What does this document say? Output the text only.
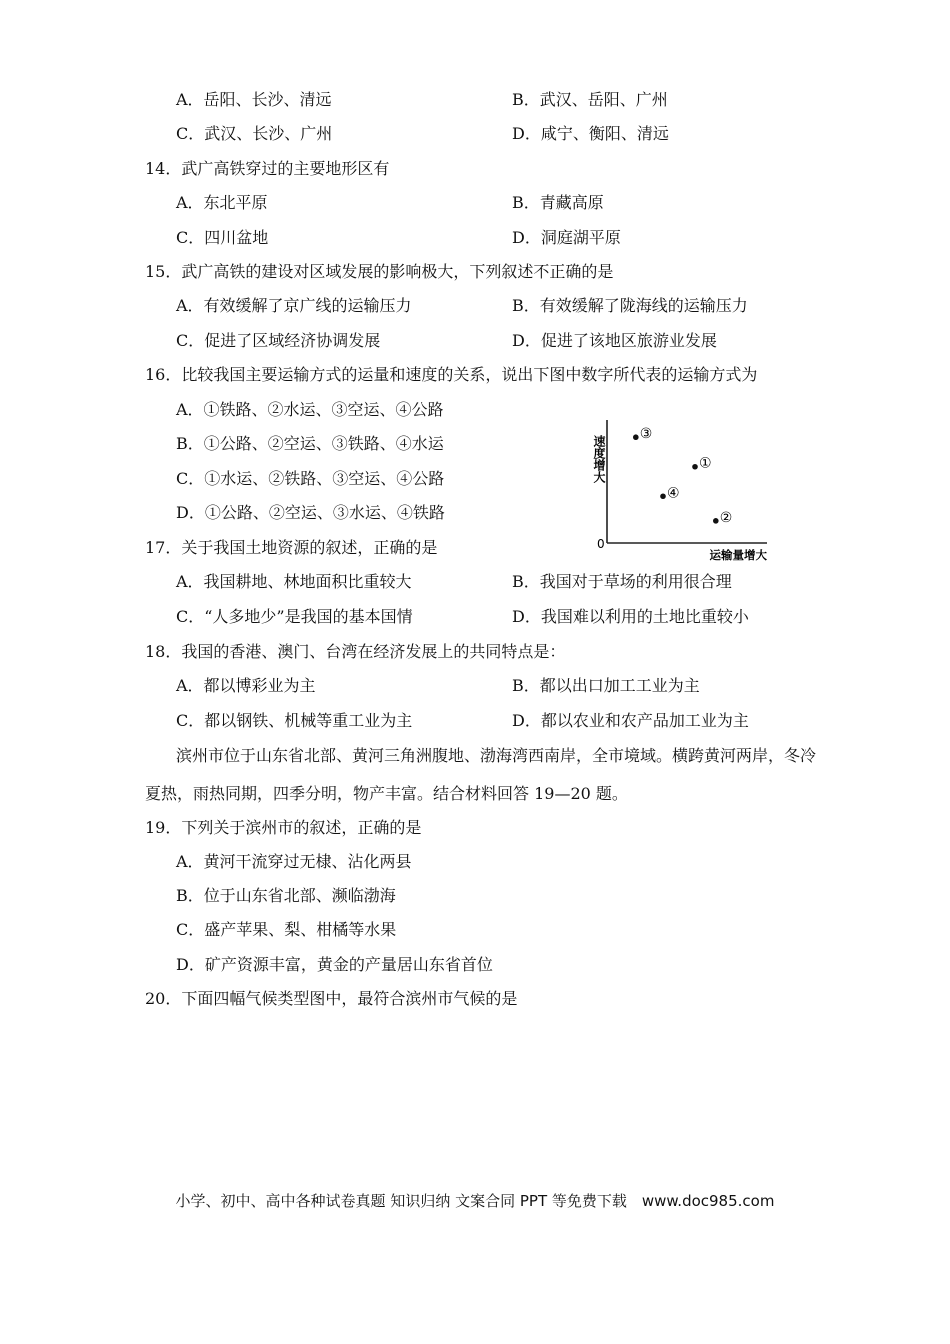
A．岳阳、长沙、清远	B．武汉、岳阳、广州
C．武汉、长沙、广州	D．咸宁、衡阳、清远
14．武广高铁穿过的主要地形区有
A．东北平原	B．青藏高原
C．四川盆地	D．洞庭湖平原
15．武广高铁的建设对区域发展的影响极大，下列叙述不正确的是
A．有效缓解了京广线的运输压力	B．有效缓解了陇海线的运输压力
C．促进了区域经济协调发展	D．促进了该地区旅游业发展
16．比较我国主要运输方式的运量和速度的关系，说出下图中数字所代表的运输方式为
A．①铁路、②水运、③空运、④公路
B．①公路、②空运、③铁路、④水运
C．①水运、②铁路、③空运、④公路
D．①公路、②空运、③水运、④铁路
速度增大
0
运输量增大
③
①
④
②
17．关于我国土地资源的叙述，正确的是
A．我国耕地、林地面积比重较大	B．我国对于草场的利用很合理
C．“人多地少”是我国的基本国情	D．我国难以利用的土地比重较小
18．我国的香港、澳门、台湾在经济发展上的共同特点是：
A．都以博彩业为主	B．都以出口加工工业为主
C．都以钢铁、机械等重工业为主	D．都以农业和农产品加工业为主
滨州市位于山东省北部、黄河三角洲腹地、渤海湾西南岸，全市境域。横跨黄河两岸，冬冷
夏热，雨热同期，四季分明，物产丰富。结合材料回答 19—20 题。
19．下列关于滨州市的叙述，正确的是
A．黄河干流穿过无棣、沾化两县
B．位于山东省北部、濒临渤海
C．盛产苹果、梨、柑橘等水果
D．矿产资源丰富，黄金的产量居山东省首位
20．下面四幅气候类型图中，最符合滨州市气候的是
小学、初中、高中各种试卷真题 知识归纳 文案合同 PPT 等免费下载　www.doc985.com
